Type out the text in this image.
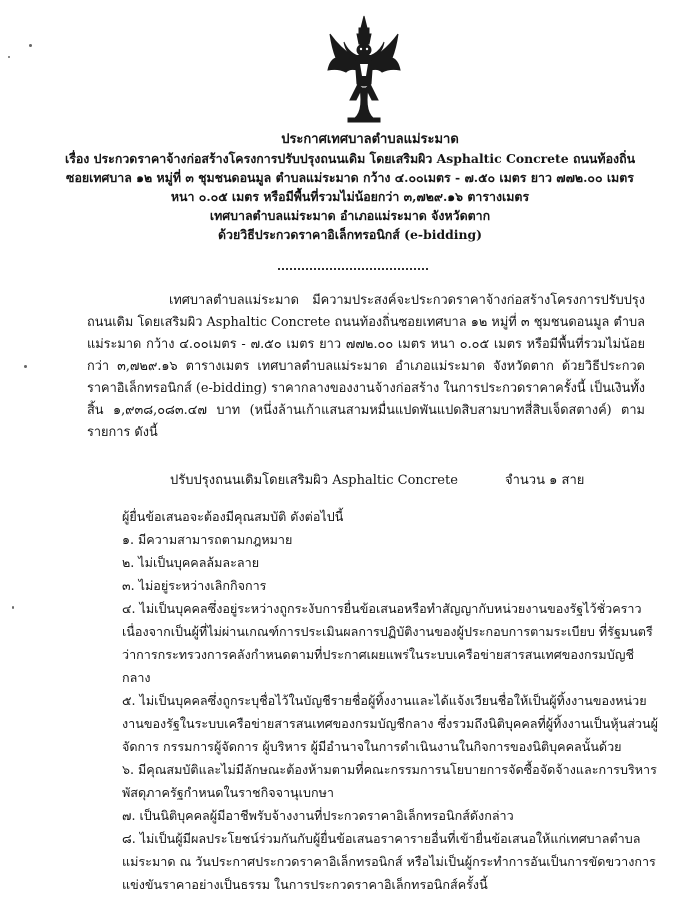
ประกาศเทศบาลตำบลแม่ระมาด
เรื่อง ประกวดราคาจ้างก่อสร้างโครงการปรับปรุงถนนเดิม โดยเสริมผิว Asphaltic Concrete ถนนท้องถิ่น
ซอยเทศบาล ๑๒ หมู่ที่ ๓ ชุมชนดอนมูล ตำบลแม่ระมาด กว้าง ๔.๐๐เมตร - ๗.๕๐ เมตร ยาว ๗๗๒.๐๐ เมตร
หนา ๐.๐๕ เมตร หรือมีพื้นที่รวมไม่น้อยกว่า ๓,๗๒๙.๑๖ ตารางเมตร
เทศบาลตำบลแม่ระมาด อำเภอแม่ระมาด จังหวัดตาก
ด้วยวิธีประกวดราคาอิเล็กทรอนิกส์ (e-bidding)
เทศบาลตำบลแม่ระมาด มีความประสงค์จะประกวดราคาจ้างก่อสร้างโครงการปรับปรุงถนนเดิม โดยเสริมผิว Asphaltic Concrete ถนนท้องถิ่นซอยเทศบาล ๑๒ หมู่ที่ ๓ ชุมชนดอนมูล ตำบลแม่ระมาด กว้าง ๔.๐๐เมตร - ๗.๕๐ เมตร ยาว ๗๗๒.๐๐ เมตร หนา ๐.๐๕ เมตร หรือมีพื้นที่รวมไม่น้อยกว่า ๓,๗๒๙.๑๖ ตารางเมตร เทศบาลตำบลแม่ระมาด อำเภอแม่ระมาด จังหวัดตาก ด้วยวิธีประกวดราคาอิเล็กทรอนิกส์ (e-bidding) ราคากลางของงานจ้างก่อสร้าง ในการประกวดราคาครั้งนี้ เป็นเงินทั้งสิ้น ๑,๙๓๘,๐๘๓.๔๗ บาท (หนึ่งล้านเก้าแสนสามหมื่นแปดพันแปดสิบสามบาทสี่สิบเจ็ดสตางค์) ตามรายการ ดังนี้
ปรับปรุงถนนเดิมโดยเสริมผิว Asphaltic Concrete	จำนวน ๑ สาย

ผู้ยื่นข้อเสนอจะต้องมีคุณสมบัติ ดังต่อไปนี้

๑. มีความสามารถตามกฎหมาย

๒. ไม่เป็นบุคคลล้มละลาย

๓. ไม่อยู่ระหว่างเลิกกิจการ

๔. ไม่เป็นบุคคลซึ่งอยู่ระหว่างถูกระงับการยื่นข้อเสนอหรือทำสัญญากับหน่วยงานของรัฐไว้ชั่วคราว เนื่องจากเป็นผู้ที่ไม่ผ่านเกณฑ์การประเมินผลการปฏิบัติงานของผู้ประกอบการตามระเบียบ ที่รัฐมนตรีว่าการกระทรวงการคลังกำหนดตามที่ประกาศเผยแพร่ในระบบเครือข่ายสารสนเทศของกรมบัญชีกลาง

๕. ไม่เป็นบุคคลซึ่งถูกระบุชื่อไว้ในบัญชีรายชื่อผู้ทิ้งงานและได้แจ้งเวียนชื่อให้เป็นผู้ทิ้งงานของหน่วยงานของรัฐในระบบเครือข่ายสารสนเทศของกรมบัญชีกลาง ซึ่งรวมถึงนิติบุคคลที่ผู้ทิ้งงานเป็นหุ้นส่วนผู้จัดการ กรรมการผู้จัดการ ผู้บริหาร ผู้มีอำนาจในการดำเนินงานในกิจการของนิติบุคคลนั้นด้วย

๖. มีคุณสมบัติและไม่มีลักษณะต้องห้ามตามที่คณะกรรมการนโยบายการจัดซื้อจัดจ้างและการบริหารพัสดุภาครัฐกำหนดในราชกิจจานุเบกษา

๗. เป็นนิติบุคคลผู้มีอาชีพรับจ้างงานที่ประกวดราคาอิเล็กทรอนิกส์ดังกล่าว

๘. ไม่เป็นผู้มีผลประโยชน์ร่วมกันกับผู้ยื่นข้อเสนอราคารายอื่นที่เข้ายื่นข้อเสนอให้แก่เทศบาลตำบลแม่ระมาด ณ วันประกาศประกวดราคาอิเล็กทรอนิกส์ หรือไม่เป็นผู้กระทำการอันเป็นการขัดขวางการแข่งขันราคาอย่างเป็นธรรม ในการประกวดราคาอิเล็กทรอนิกส์ครั้งนี้
